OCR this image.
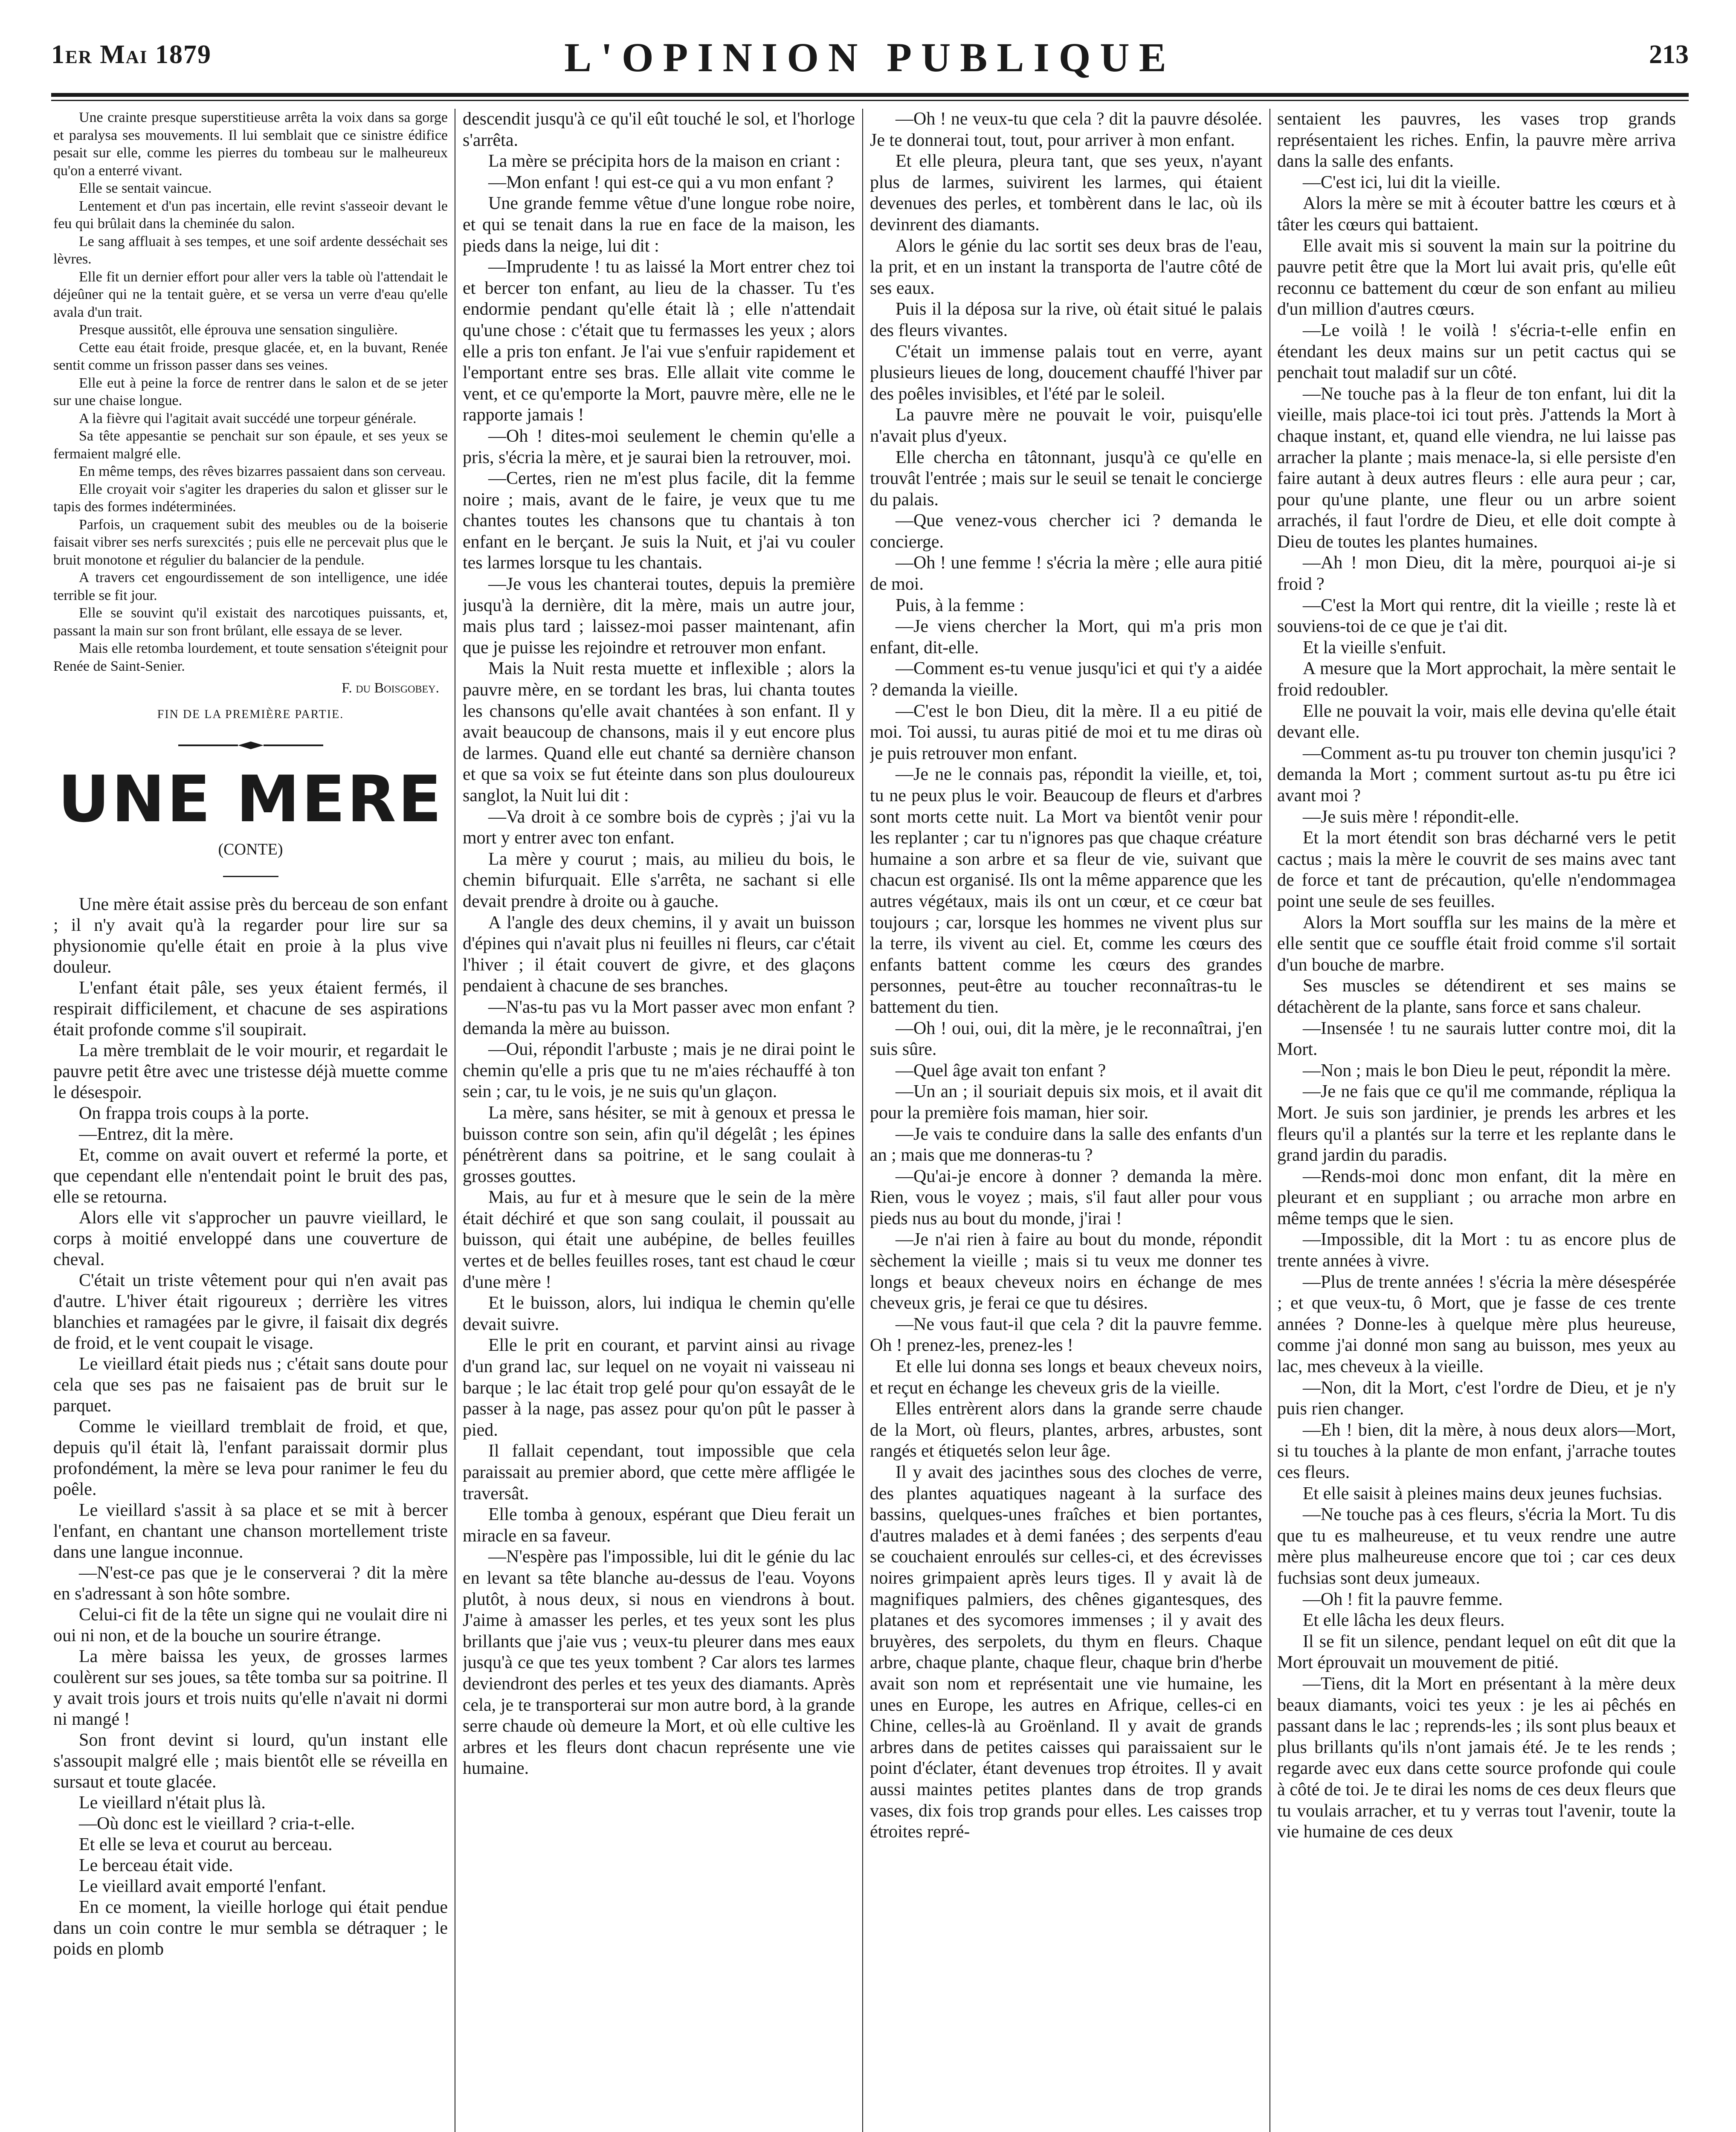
1er Mai 1879	L'OPINION PUBLIQUE	213

Une crainte presque superstitieuse arrêta la voix dans sa gorge et paralysa ses mouvements. Il lui semblait que ce sinistre édifice pesait sur elle, comme les pierres du tombeau sur le malheureux qu'on a enterré vivant.

Elle se sentait vaincue.

Lentement et d'un pas incertain, elle revint s'asseoir devant le feu qui brûlait dans la cheminée du salon.

Le sang affluait à ses tempes, et une soif ardente desséchait ses lèvres.

Elle fit un dernier effort pour aller vers la table où l'attendait le déjeûner qui ne la tentait guère, et se versa un verre d'eau qu'elle avala d'un trait.

Presque aussitôt, elle éprouva une sensation singulière.

Cette eau était froide, presque glacée, et, en la buvant, Renée sentit comme un frisson passer dans ses veines.

Elle eut à peine la force de rentrer dans le salon et de se jeter sur une chaise longue.

A la fièvre qui l'agitait avait succédé une torpeur générale.

Sa tête appesantie se penchait sur son épaule, et ses yeux se fermaient malgré elle.

En même temps, des rêves bizarres passaient dans son cerveau.

Elle croyait voir s'agiter les draperies du salon et glisser sur le tapis des formes indéterminées.

Parfois, un craquement subit des meubles ou de la boiserie faisait vibrer ses nerfs surexcités ; puis elle ne percevait plus que le bruit monotone et régulier du balancier de la pendule.

A travers cet engourdissement de son intelligence, une idée terrible se fit jour.

Elle se souvint qu'il existait des narcotiques puissants, et, passant la main sur son front brûlant, elle essaya de se lever.

Mais elle retomba lourdement, et toute sensation s'éteignit pour Renée de Saint-Senier.

F. du Boisgobey.
FIN DE LA PREMIÈRE PARTIE.
UNE MERE
(CONTE)

Une mère était assise près du berceau de son enfant ; il n'y avait qu'à la regarder pour lire sur sa physionomie qu'elle était en proie à la plus vive douleur.

L'enfant était pâle, ses yeux étaient fermés, il respirait difficilement, et chacune de ses aspirations était profonde comme s'il soupirait.

La mère tremblait de le voir mourir, et regardait le pauvre petit être avec une tristesse déjà muette comme le désespoir.

On frappa trois coups à la porte.

—Entrez, dit la mère.

Et, comme on avait ouvert et refermé la porte, et que cependant elle n'entendait point le bruit des pas, elle se retourna.

Alors elle vit s'approcher un pauvre vieillard, le corps à moitié enveloppé dans une couverture de cheval.

C'était un triste vêtement pour qui n'en avait pas d'autre. L'hiver était rigoureux ; derrière les vitres blanchies et ramagées par le givre, il faisait dix degrés de froid, et le vent coupait le visage.

Le vieillard était pieds nus ; c'était sans doute pour cela que ses pas ne faisaient pas de bruit sur le parquet.

Comme le vieillard tremblait de froid, et que, depuis qu'il était là, l'enfant paraissait dormir plus profondément, la mère se leva pour ranimer le feu du poêle.

Le vieillard s'assit à sa place et se mit à bercer l'enfant, en chantant une chanson mortellement triste dans une langue inconnue.

—N'est-ce pas que je le conserverai ? dit la mère en s'adressant à son hôte sombre.

Celui-ci fit de la tête un signe qui ne voulait dire ni oui ni non, et de la bouche un sourire étrange.

La mère baissa les yeux, de grosses larmes coulèrent sur ses joues, sa tête tomba sur sa poitrine. Il y avait trois jours et trois nuits qu'elle n'avait ni dormi ni mangé !

Son front devint si lourd, qu'un instant elle s'assoupit malgré elle ; mais bientôt elle se réveilla en sursaut et toute glacée.

Le vieillard n'était plus là.

—Où donc est le vieillard ? cria-t-elle.

Et elle se leva et courut au berceau.

Le berceau était vide.

Le vieillard avait emporté l'enfant.

En ce moment, la vieille horloge qui était pendue dans un coin contre le mur sembla se détraquer ; le poids en plomb

descendit jusqu'à ce qu'il eût touché le sol, et l'horloge s'arrêta.

La mère se précipita hors de la maison en criant :

—Mon enfant ! qui est-ce qui a vu mon enfant ?

Une grande femme vêtue d'une longue robe noire, et qui se tenait dans la rue en face de la maison, les pieds dans la neige, lui dit :

—Imprudente ! tu as laissé la Mort entrer chez toi et bercer ton enfant, au lieu de la chasser. Tu t'es endormie pendant qu'elle était là ; elle n'attendait qu'une chose : c'était que tu fermasses les yeux ; alors elle a pris ton enfant. Je l'ai vue s'enfuir rapidement et l'emportant entre ses bras. Elle allait vite comme le vent, et ce qu'emporte la Mort, pauvre mère, elle ne le rapporte jamais !

—Oh ! dites-moi seulement le chemin qu'elle a pris, s'écria la mère, et je saurai bien la retrouver, moi.

—Certes, rien ne m'est plus facile, dit la femme noire ; mais, avant de le faire, je veux que tu me chantes toutes les chansons que tu chantais à ton enfant en le berçant. Je suis la Nuit, et j'ai vu couler tes larmes lorsque tu les chantais.

—Je vous les chanterai toutes, depuis la première jusqu'à la dernière, dit la mère, mais un autre jour, mais plus tard ; laissez-moi passer maintenant, afin que je puisse les rejoindre et retrouver mon enfant.

Mais la Nuit resta muette et inflexible ; alors la pauvre mère, en se tordant les bras, lui chanta toutes les chansons qu'elle avait chantées à son enfant. Il y avait beaucoup de chansons, mais il y eut encore plus de larmes. Quand elle eut chanté sa dernière chanson et que sa voix se fut éteinte dans son plus douloureux sanglot, la Nuit lui dit :

—Va droit à ce sombre bois de cyprès ; j'ai vu la mort y entrer avec ton enfant.

La mère y courut ; mais, au milieu du bois, le chemin bifurquait. Elle s'arrêta, ne sachant si elle devait prendre à droite ou à gauche.

A l'angle des deux chemins, il y avait un buisson d'épines qui n'avait plus ni feuilles ni fleurs, car c'était l'hiver ; il était couvert de givre, et des glaçons pendaient à chacune de ses branches.

—N'as-tu pas vu la Mort passer avec mon enfant ? demanda la mère au buisson.

—Oui, répondit l'arbuste ; mais je ne dirai point le chemin qu'elle a pris que tu ne m'aies réchauffé à ton sein ; car, tu le vois, je ne suis qu'un glaçon.

La mère, sans hésiter, se mit à genoux et pressa le buisson contre son sein, afin qu'il dégelât ; les épines pénétrèrent dans sa poitrine, et le sang coulait à grosses gouttes.

Mais, au fur et à mesure que le sein de la mère était déchiré et que son sang coulait, il poussait au buisson, qui était une aubépine, de belles feuilles vertes et de belles feuilles roses, tant est chaud le cœur d'une mère !

Et le buisson, alors, lui indiqua le chemin qu'elle devait suivre.

Elle le prit en courant, et parvint ainsi au rivage d'un grand lac, sur lequel on ne voyait ni vaisseau ni barque ; le lac était trop gelé pour qu'on essayât de le passer à la nage, pas assez pour qu'on pût le passer à pied.

Il fallait cependant, tout impossible que cela paraissait au premier abord, que cette mère affligée le traversât.

Elle tomba à genoux, espérant que Dieu ferait un miracle en sa faveur.

—N'espère pas l'impossible, lui dit le génie du lac en levant sa tête blanche au-dessus de l'eau. Voyons plutôt, à nous deux, si nous en viendrons à bout. J'aime à amasser les perles, et tes yeux sont les plus brillants que j'aie vus ; veux-tu pleurer dans mes eaux jusqu'à ce que tes yeux tombent ? Car alors tes larmes deviendront des perles et tes yeux des diamants. Après cela, je te transporterai sur mon autre bord, à la grande serre chaude où demeure la Mort, et où elle cultive les arbres et les fleurs dont chacun représente une vie humaine.

—Oh ! ne veux-tu que cela ? dit la pauvre désolée. Je te donnerai tout, tout, pour arriver à mon enfant.

Et elle pleura, pleura tant, que ses yeux, n'ayant plus de larmes, suivirent les larmes, qui étaient devenues des perles, et tombèrent dans le lac, où ils devinrent des diamants.

Alors le génie du lac sortit ses deux bras de l'eau, la prit, et en un instant la transporta de l'autre côté de ses eaux.

Puis il la déposa sur la rive, où était situé le palais des fleurs vivantes.

C'était un immense palais tout en verre, ayant plusieurs lieues de long, doucement chauffé l'hiver par des poêles invisibles, et l'été par le soleil.

La pauvre mère ne pouvait le voir, puisqu'elle n'avait plus d'yeux.

Elle chercha en tâtonnant, jusqu'à ce qu'elle en trouvât l'entrée ; mais sur le seuil se tenait le concierge du palais.

—Que venez-vous chercher ici ? demanda le concierge.

—Oh ! une femme ! s'écria la mère ; elle aura pitié de moi.

Puis, à la femme :

—Je viens chercher la Mort, qui m'a pris mon enfant, dit-elle.

—Comment es-tu venue jusqu'ici et qui t'y a aidée ? demanda la vieille.

—C'est le bon Dieu, dit la mère. Il a eu pitié de moi. Toi aussi, tu auras pitié de moi et tu me diras où je puis retrouver mon enfant.

—Je ne le connais pas, répondit la vieille, et, toi, tu ne peux plus le voir. Beaucoup de fleurs et d'arbres sont morts cette nuit. La Mort va bientôt venir pour les replanter ; car tu n'ignores pas que chaque créature humaine a son arbre et sa fleur de vie, suivant que chacun est organisé. Ils ont la même apparence que les autres végétaux, mais ils ont un cœur, et ce cœur bat toujours ; car, lorsque les hommes ne vivent plus sur la terre, ils vivent au ciel. Et, comme les cœurs des enfants battent comme les cœurs des grandes personnes, peut-être au toucher reconnaîtras-tu le battement du tien.

—Oh ! oui, oui, dit la mère, je le reconnaîtrai, j'en suis sûre.

—Quel âge avait ton enfant ?

—Un an ; il souriait depuis six mois, et il avait dit pour la première fois maman, hier soir.

—Je vais te conduire dans la salle des enfants d'un an ; mais que me donneras-tu ?

—Qu'ai-je encore à donner ? demanda la mère. Rien, vous le voyez ; mais, s'il faut aller pour vous pieds nus au bout du monde, j'irai !

—Je n'ai rien à faire au bout du monde, répondit sèchement la vieille ; mais si tu veux me donner tes longs et beaux cheveux noirs en échange de mes cheveux gris, je ferai ce que tu désires.

—Ne vous faut-il que cela ? dit la pauvre femme. Oh ! prenez-les, prenez-les !

Et elle lui donna ses longs et beaux cheveux noirs, et reçut en échange les cheveux gris de la vieille.

Elles entrèrent alors dans la grande serre chaude de la Mort, où fleurs, plantes, arbres, arbustes, sont rangés et étiquetés selon leur âge.

Il y avait des jacinthes sous des cloches de verre, des plantes aquatiques nageant à la surface des bassins, quelques-unes fraîches et bien portantes, d'autres malades et à demi fanées ; des serpents d'eau se couchaient enroulés sur celles-ci, et des écrevisses noires grimpaient après leurs tiges. Il y avait là de magnifiques palmiers, des chênes gigantesques, des platanes et des sycomores immenses ; il y avait des bruyères, des serpolets, du thym en fleurs. Chaque arbre, chaque plante, chaque fleur, chaque brin d'herbe avait son nom et représentait une vie humaine, les unes en Europe, les autres en Afrique, celles-ci en Chine, celles-là au Groënland. Il y avait de grands arbres dans de petites caisses qui paraissaient sur le point d'éclater, étant devenues trop étroites. Il y avait aussi maintes petites plantes dans de trop grands vases, dix fois trop grands pour elles. Les caisses trop étroites repré-

sentaient les pauvres, les vases trop grands représentaient les riches. Enfin, la pauvre mère arriva dans la salle des enfants.

—C'est ici, lui dit la vieille.

Alors la mère se mit à écouter battre les cœurs et à tâter les cœurs qui battaient.

Elle avait mis si souvent la main sur la poitrine du pauvre petit être que la Mort lui avait pris, qu'elle eût reconnu ce battement du cœur de son enfant au milieu d'un million d'autres cœurs.

—Le voilà ! le voilà ! s'écria-t-elle enfin en étendant les deux mains sur un petit cactus qui se penchait tout maladif sur un côté.

—Ne touche pas à la fleur de ton enfant, lui dit la vieille, mais place-toi ici tout près. J'attends la Mort à chaque instant, et, quand elle viendra, ne lui laisse pas arracher la plante ; mais menace-la, si elle persiste d'en faire autant à deux autres fleurs : elle aura peur ; car, pour qu'une plante, une fleur ou un arbre soient arrachés, il faut l'ordre de Dieu, et elle doit compte à Dieu de toutes les plantes humaines.

—Ah ! mon Dieu, dit la mère, pourquoi ai-je si froid ?

—C'est la Mort qui rentre, dit la vieille ; reste là et souviens-toi de ce que je t'ai dit.

Et la vieille s'enfuit.

A mesure que la Mort approchait, la mère sentait le froid redoubler.

Elle ne pouvait la voir, mais elle devina qu'elle était devant elle.

—Comment as-tu pu trouver ton chemin jusqu'ici ? demanda la Mort ; comment surtout as-tu pu être ici avant moi ?

—Je suis mère ! répondit-elle.

Et la mort étendit son bras décharné vers le petit cactus ; mais la mère le couvrit de ses mains avec tant de force et tant de précaution, qu'elle n'endommagea point une seule de ses feuilles.

Alors la Mort souffla sur les mains de la mère et elle sentit que ce souffle était froid comme s'il sortait d'un bouche de marbre.

Ses muscles se détendirent et ses mains se détachèrent de la plante, sans force et sans chaleur.

—Insensée ! tu ne saurais lutter contre moi, dit la Mort.

—Non ; mais le bon Dieu le peut, répondit la mère.

—Je ne fais que ce qu'il me commande, répliqua la Mort. Je suis son jardinier, je prends les arbres et les fleurs qu'il a plantés sur la terre et les replante dans le grand jardin du paradis.

—Rends-moi donc mon enfant, dit la mère en pleurant et en suppliant ; ou arrache mon arbre en même temps que le sien.

—Impossible, dit la Mort : tu as encore plus de trente années à vivre.

—Plus de trente années ! s'écria la mère désespérée ; et que veux-tu, ô Mort, que je fasse de ces trente années ? Donne-les à quelque mère plus heureuse, comme j'ai donné mon sang au buisson, mes yeux au lac, mes cheveux à la vieille.

—Non, dit la Mort, c'est l'ordre de Dieu, et je n'y puis rien changer.

—Eh ! bien, dit la mère, à nous deux alors—Mort, si tu touches à la plante de mon enfant, j'arrache toutes ces fleurs.

Et elle saisit à pleines mains deux jeunes fuchsias.

—Ne touche pas à ces fleurs, s'écria la Mort. Tu dis que tu es malheureuse, et tu veux rendre une autre mère plus malheureuse encore que toi ; car ces deux fuchsias sont deux jumeaux.

—Oh ! fit la pauvre femme.

Et elle lâcha les deux fleurs.

Il se fit un silence, pendant lequel on eût dit que la Mort éprouvait un mouvement de pitié.

—Tiens, dit la Mort en présentant à la mère deux beaux diamants, voici tes yeux : je les ai pêchés en passant dans le lac ; reprends-les ; ils sont plus beaux et plus brillants qu'ils n'ont jamais été. Je te les rends ; regarde avec eux dans cette source profonde qui coule à côté de toi. Je te dirai les noms de ces deux fleurs que tu voulais arracher, et tu y verras tout l'avenir, toute la vie humaine de ces deux
